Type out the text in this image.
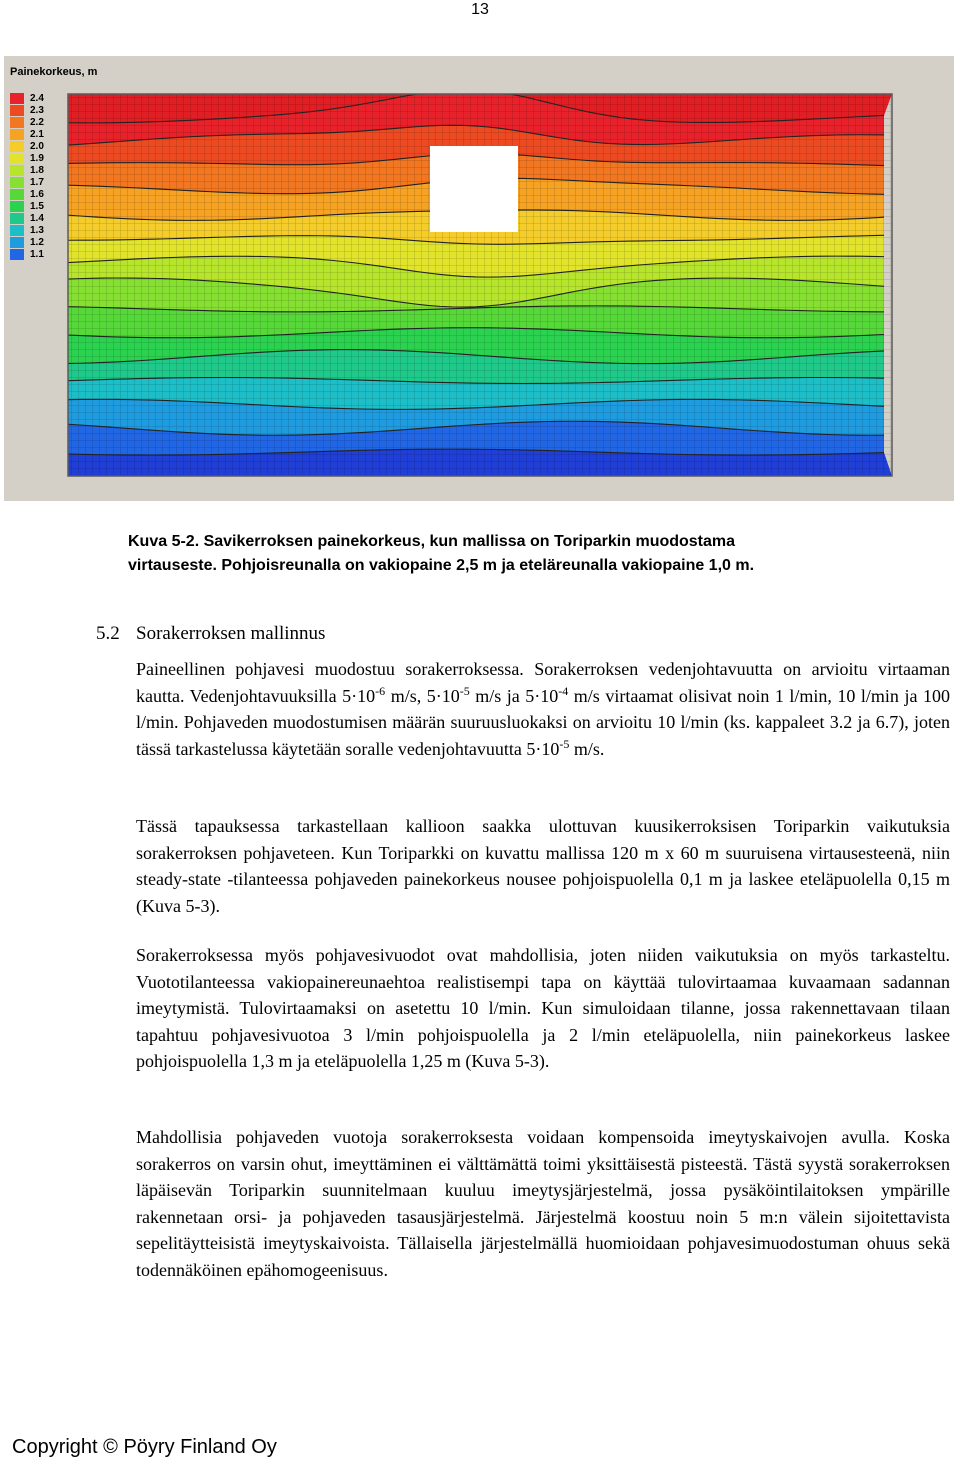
13
Painekorkeus, m
2.4
2.3
2.2
2.1
2.0
1.9
1.8
1.7
1.6
1.5
1.4
1.3
1.2
1.1
Kuva 5-2. Savikerroksen painekorkeus, kun mallissa on Toriparkin muodostama
virtauseste. Pohjoisreunalla on vakiopaine 2,5 m ja eteläreunalla vakiopaine 1,0 m.
5.2 Sorakerroksen mallinnus

Paineellinen pohjavesi muodostuu sorakerroksessa. Sorakerroksen vedenjohtavuutta on arvioitu virtaaman kautta. Vedenjohtavuuksilla $5\cdot 10^{-6}$ m/s, $5\cdot 10^{-5}$ m/s ja $5\cdot 10^{-4}$ m/s virtaamat olisivat noin 1 l/min, 10 l/min ja 100 l/min. Pohjaveden muodostumisen määrän suuruusluokaksi on arvioitu 10 l/min (ks. kappaleet 3.2 ja 6.7), joten tässä tarkastelussa käytetään soralle vedenjohtavuutta $5\cdot 10^{-5}$ m/s.

Tässä tapauksessa tarkastellaan kallioon saakka ulottuvan kuusikerroksisen Toriparkin vaikutuksia sorakerroksen pohjaveteen. Kun Toriparkki on kuvattu mallissa 120 m x 60 m suuruisena virtausesteenä, niin steady-state -tilanteessa pohjaveden painekorkeus nousee pohjoispuolella 0,1 m ja laskee eteläpuolella 0,15 m (Kuva 5-3).

Sorakerroksessa myös pohjavesivuodot ovat mahdollisia, joten niiden vaikutuksia on myös tarkasteltu. Vuototilanteessa vakiopainereunaehtoa realistisempi tapa on käyttää tulovirtaamaa kuvaamaan sadannan imeytymistä. Tulovirtaamaksi on asetettu 10 l/min. Kun simuloidaan tilanne, jossa rakennettavaan tilaan tapahtuu pohjavesivuotoa 3 l/min pohjoispuolella ja 2 l/min eteläpuolella, niin painekorkeus laskee pohjoispuolella 1,3 m ja eteläpuolella 1,25 m (Kuva 5-3).

Mahdollisia pohjaveden vuotoja sorakerroksesta voidaan kompensoida imeytyskaivojen avulla. Koska sorakerros on varsin ohut, imeyttäminen ei välttämättä toimi yksittäisestä pisteestä. Tästä syystä sorakerroksen läpäisevän Toriparkin suunnitelmaan kuuluu imeytysjärjestelmä, jossa pysäköintilaitoksen ympärille rakennetaan orsi- ja pohjaveden tasausjärjestelmä. Järjestelmä koostuu noin 5 m:n välein sijoitettavista sepelitäytteisistä imeytyskaivoista. Tällaisella järjestelmällä huomioidaan pohjavesimuodostuman ohuus sekä todennäköinen epähomogeenisuus.

Copyright © Pöyry Finland Oy
